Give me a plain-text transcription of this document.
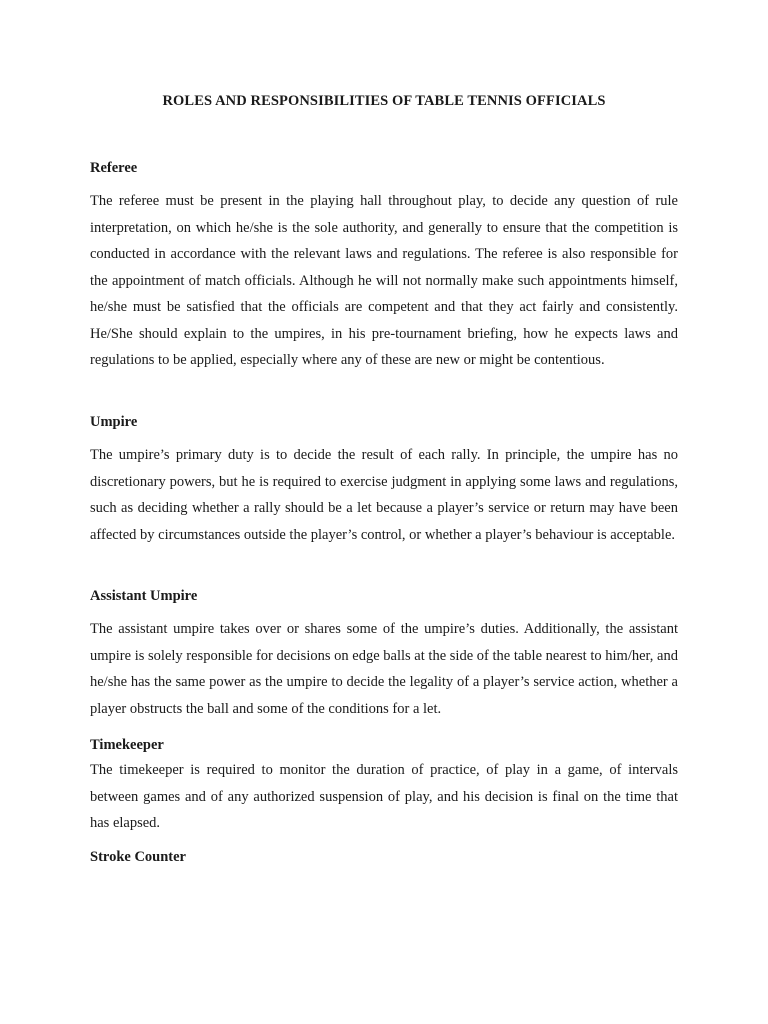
ROLES AND RESPONSIBILITIES OF TABLE TENNIS OFFICIALS
Referee

The referee must be present in the playing hall throughout play, to decide any question of rule interpretation, on which he/she is the sole authority, and generally to ensure that the competition is conducted in accordance with the relevant laws and regulations. The referee is also responsible for the appointment of match officials. Although he will not normally make such appointments himself, he/she must be satisfied that the officials are competent and that they act fairly and consistently. He/She should explain to the umpires, in his pre-tournament briefing, how he expects laws and regulations to be applied, especially where any of these are new or might be contentious.

Umpire

The umpire’s primary duty is to decide the result of each rally. In principle, the umpire has no discretionary powers, but he is required to exercise judgment in applying some laws and regulations, such as deciding whether a rally should be a let because a player’s service or return may have been affected by circumstances outside the player’s control, or whether a player’s behaviour is acceptable.

Assistant Umpire

The assistant umpire takes over or shares some of the umpire’s duties. Additionally, the assistant umpire is solely responsible for decisions on edge balls at the side of the table nearest to him/her, and he/she has the same power as the umpire to decide the legality of a player’s service action, whether a player obstructs the ball and some of the conditions for a let.

Timekeeper

The timekeeper is required to monitor the duration of practice, of play in a game, of intervals between games and of any authorized suspension of play, and his decision is final on the time that has elapsed.

Stroke Counter
